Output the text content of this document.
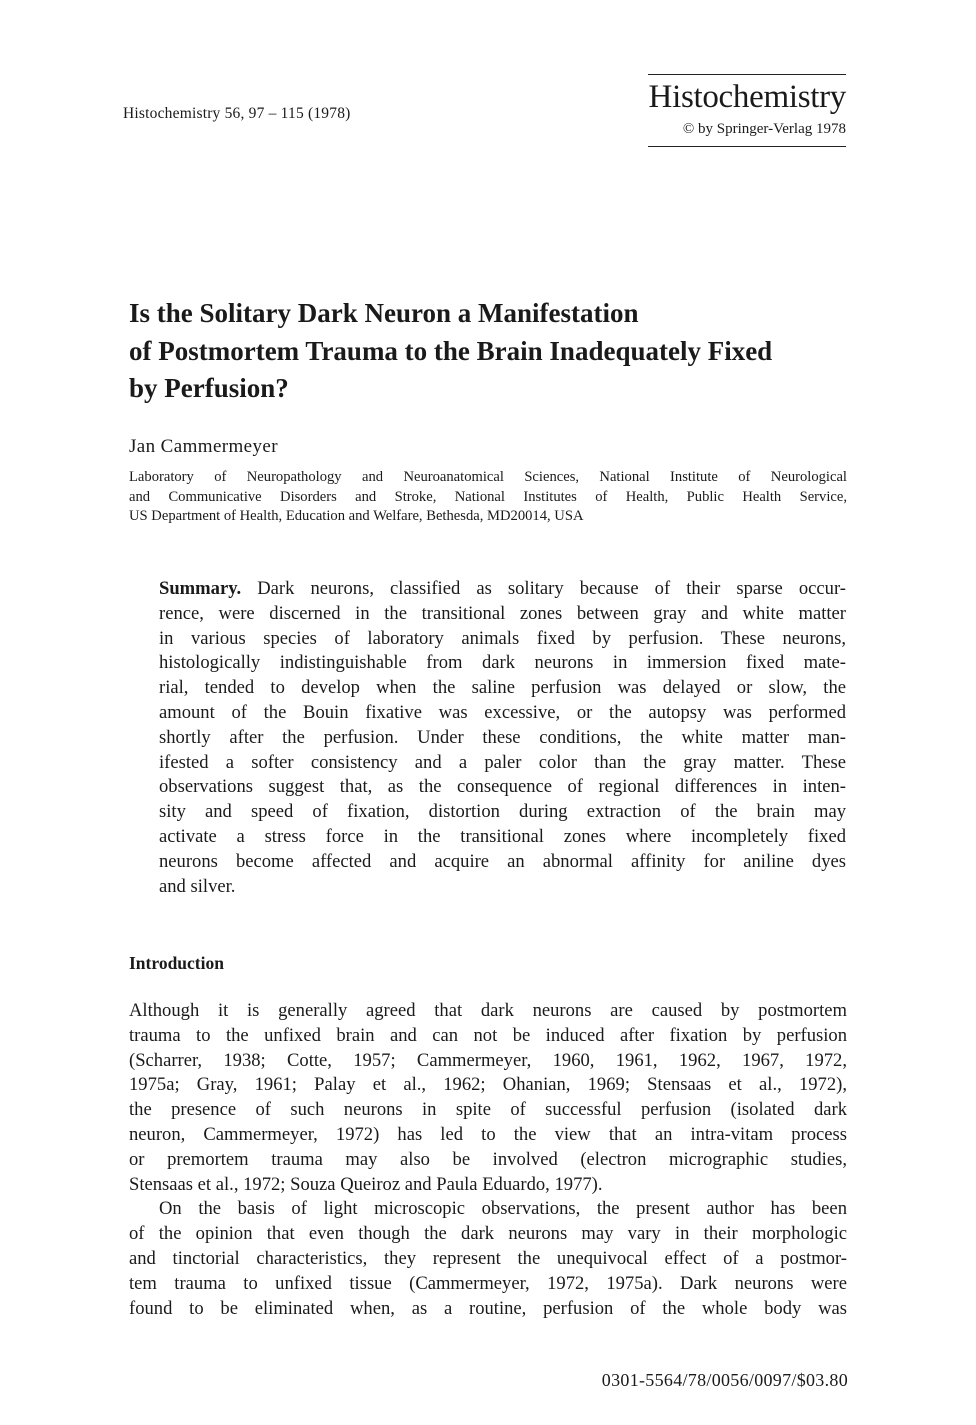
Histochemistry 56, 97 – 115 (1978)	Histochemistry
© by Springer-Verlag 1978
Is the Solitary Dark Neuron a Manifestation
of Postmortem Trauma to the Brain Inadequately Fixed
by Perfusion?
Jan Cammermeyer
Laboratory of Neuropathology and Neuroanatomical Sciences, National Institute of Neurological
and Communicative Disorders and Stroke, National Institutes of Health, Public Health Service,
US Department of Health, Education and Welfare, Bethesda, MD20014, USA
Summary. Dark neurons, classified as solitary because of their sparse occur-
rence, were discerned in the transitional zones between gray and white matter
in various species of laboratory animals fixed by perfusion. These neurons,
histologically indistinguishable from dark neurons in immersion fixed mate-
rial, tended to develop when the saline perfusion was delayed or slow, the
amount of the Bouin fixative was excessive, or the autopsy was performed
shortly after the perfusion. Under these conditions, the white matter man-
ifested a softer consistency and a paler color than the gray matter. These
observations suggest that, as the consequence of regional differences in inten-
sity and speed of fixation, distortion during extraction of the brain may
activate a stress force in the transitional zones where incompletely fixed
neurons become affected and acquire an abnormal affinity for aniline dyes
and silver.
Introduction
Although it is generally agreed that dark neurons are caused by postmortem
trauma to the unfixed brain and can not be induced after fixation by perfusion
(Scharrer, 1938; Cotte, 1957; Cammermeyer, 1960, 1961, 1962, 1967, 1972,
1975a; Gray, 1961; Palay et al., 1962; Ohanian, 1969; Stensaas et al., 1972),
the presence of such neurons in spite of successful perfusion (isolated dark
neuron, Cammermeyer, 1972) has led to the view that an intra-vitam process
or premortem trauma may also be involved (electron micrographic studies,
Stensaas et al., 1972; Souza Queiroz and Paula Eduardo, 1977).
On the basis of light microscopic observations, the present author has been
of the opinion that even though the dark neurons may vary in their morphologic
and tinctorial characteristics, they represent the unequivocal effect of a postmor-
tem trauma to unfixed tissue (Cammermeyer, 1972, 1975a). Dark neurons were
found to be eliminated when, as a routine, perfusion of the whole body was
0301-5564/78/0056/0097/$03.80
